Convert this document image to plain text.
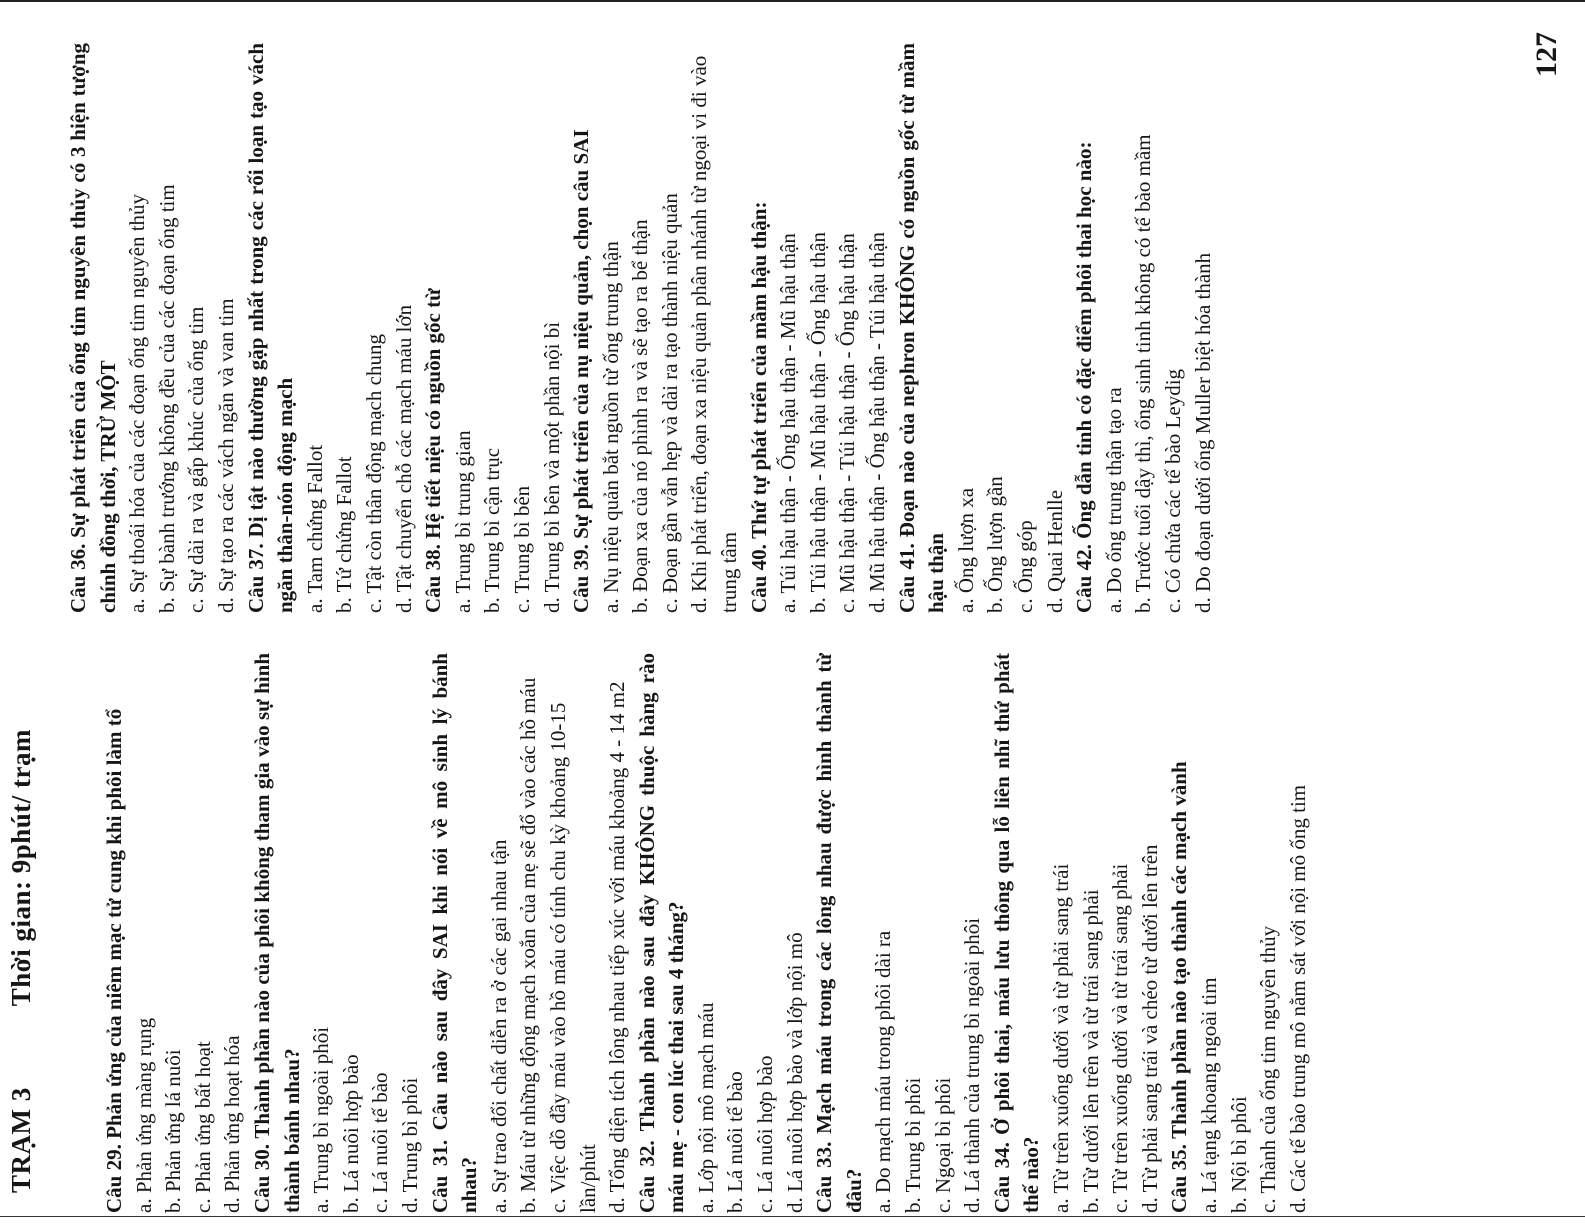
TRẠM 3 Thời gian: 9phút/ trạm
127

Câu 29. Phản ứng của niêm mạc tử cung khi phôi làm tổ a. Phản ứng màng rụng b. Phản ứng lá nuôi c. Phản ứng bất hoạt d. Phản ứng hoạt hóa Câu 30. Thành phần nào của phôi không tham gia vào sự hình thành bánh nhau? a. Trung bì ngoài phôi b. Lá nuôi hợp bào c. Lá nuôi tế bào d. Trung bì phôi Câu 31. Câu nào sau đây SAI khi nói về mô sinh lý bánh nhau? a. Sự trao đổi chất diễn ra ở các gai nhau tận b. Máu từ những động mạch xoắn của mẹ sẽ đổ vào các hồ máu c. Việc dồ đầy máu vào hồ máu có tính chu kỳ khoảng 10-15 lần/phút d. Tổng diện tích lông nhau tiếp xúc với máu khoảng 4 - 14 m2 Câu 32. Thành phần nào sau đây KHÔNG thuộc hàng rào máu mẹ - con lúc thai sau 4 tháng? a. Lớp nội mô mạch máu b. Lá nuôi tế bào c. Lá nuôi hợp bào d. Lá nuôi hợp bào và lớp nội mô Câu 33. Mạch máu trong các lông nhau được hình thành từ đâu? a. Do mạch máu trong phôi dài ra b. Trung bì phôi c. Ngoại bì phôi d. Lá thành của trung bì ngoài phôi Câu 34. Ở phôi thai, máu lưu thông qua lỗ liên nhĩ thứ phát thế nào? a. Từ trên xuống dưới và từ phải sang trái b. Từ dưới lên trên và từ trái sang phải c. Từ trên xuống dưới và từ trái sang phải d. Từ phải sang trái và chéo từ dưới lên trên Câu 35. Thành phần nào tạo thành các mạch vành a. Lá tạng khoang ngoài tim b. Nội bì phôi c. Thành của ống tim nguyên thủy d. Các tế bào trung mô nằm sát với nội mô ống tim

Câu 36. Sự phát triển của ống tim nguyên thủy có 3 hiện tượng chính đồng thời, TRỪ MỘT a. Sự thoái hóa của các đoạn ống tim nguyên thủy b. Sự bành trướng không đều của các đoạn ống tim c. Sự dài ra và gấp khúc của ống tim d. Sự tạo ra các vách ngăn và van tim Câu 37. Dị tật nào thường gặp nhất trong các rối loạn tạo vách ngăn thân-nón động mạch a. Tam chứng Fallot b. Tứ chứng Fallot c. Tật còn thân động mạch chung d. Tật chuyển chỗ các mạch máu lớn Câu 38. Hệ tiết niệu có nguồn gốc từ a. Trung bì trung gian b. Trung bì cận trục c. Trung bì bên d. Trung bì bên và một phần nội bì Câu 39. Sự phát triển của nụ niệu quản, chọn câu SAI a. Nụ niệu quản bắt nguồn từ ống trung thận b. Đoạn xa của nó phình ra và sẽ tạo ra bể thận c. Đoạn gần vẫn hẹp và dài ra tạo thành niệu quản d. Khi phát triển, đoạn xa niệu quản phân nhánh từ ngoại vi đi vào trung tâm Câu 40. Thứ tự phát triển của mầm hậu thận: a. Túi hậu thận - Ống hậu thận - Mũ hậu thận b. Túi hậu thận - Mũ hậu thận - Ống hậu thận c. Mũ hậu thận - Túi hậu thận - Ống hậu thận d. Mũ hậu thận - Ống hậu thận - Túi hậu thận Câu 41. Đoạn nào của nephron KHÔNG có nguồn gốc từ mầm hậu thận a. Ống lượn xa b. Ống lượn gần c. Ống góp d. Quai Henlle Câu 42. Ống dẫn tinh có đặc điểm phôi thai học nào: a. Do ống trung thận tạo ra b. Trước tuổi dậy thì, ống sinh tinh không có tế bào mầm c. Có chứa các tế bào Leydig d. Do đoạn dưới ống Muller biệt hóa thành
